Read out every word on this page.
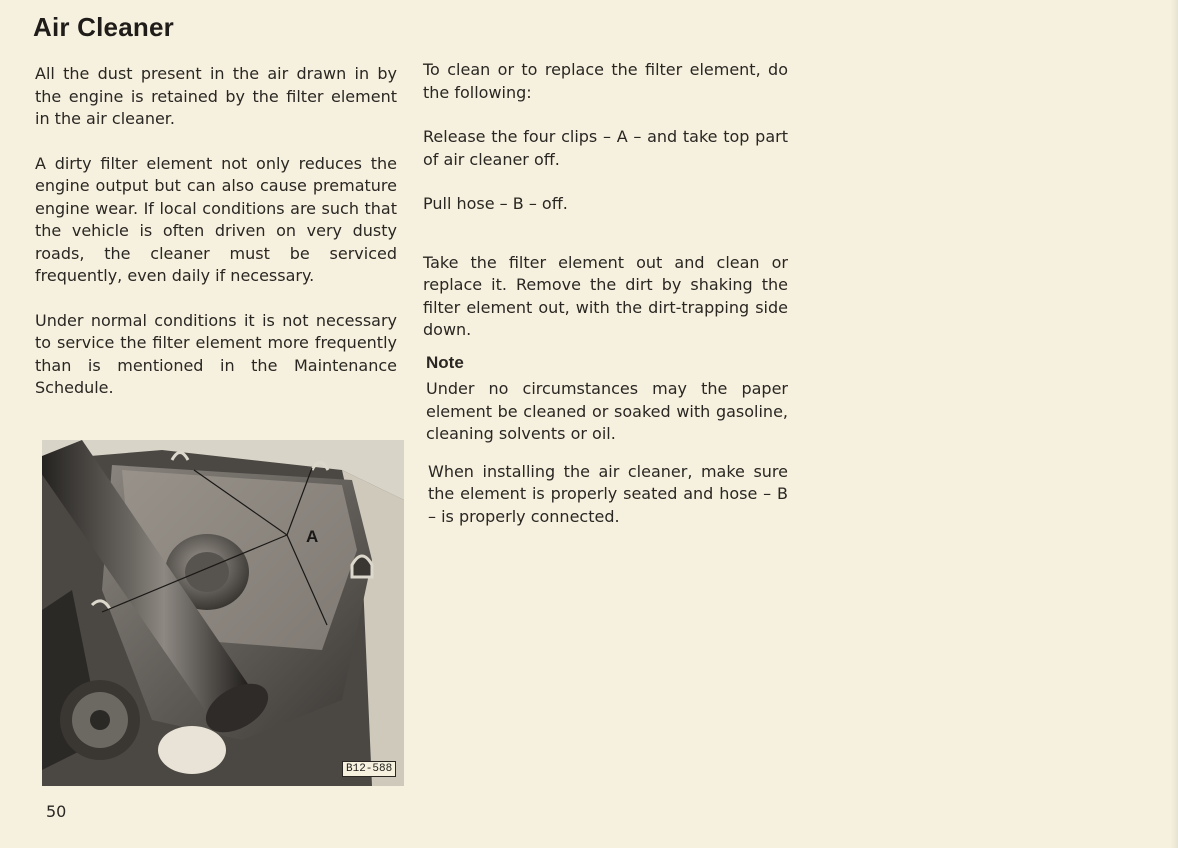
Air Cleaner

All the dust present in the air drawn in by the engine is retained by the filter element in the air cleaner.

A dirty filter element not only reduces the engine output but can also cause premature engine wear. If local conditions are such that the vehicle is often driven on very dusty roads, the cleaner must be serviced frequently, even daily if necessary.

Under normal conditions it is not necessary to service the filter element more frequently than is mentioned in the Maintenance Schedule.

A
B12-588

To clean or to replace the filter element, do the following:

Release the four clips – A – and take top part of air cleaner off.

Pull hose – B – off.

Take the filter element out and clean or replace it. Remove the dirt by shaking the filter element out, with the dirt-trapping side down.

Note

Under no circumstances may the paper element be cleaned or soaked with gasoline, cleaning solvents or oil.

When installing the air cleaner, make sure the element is properly seated and hose – B – is properly connected.

50
